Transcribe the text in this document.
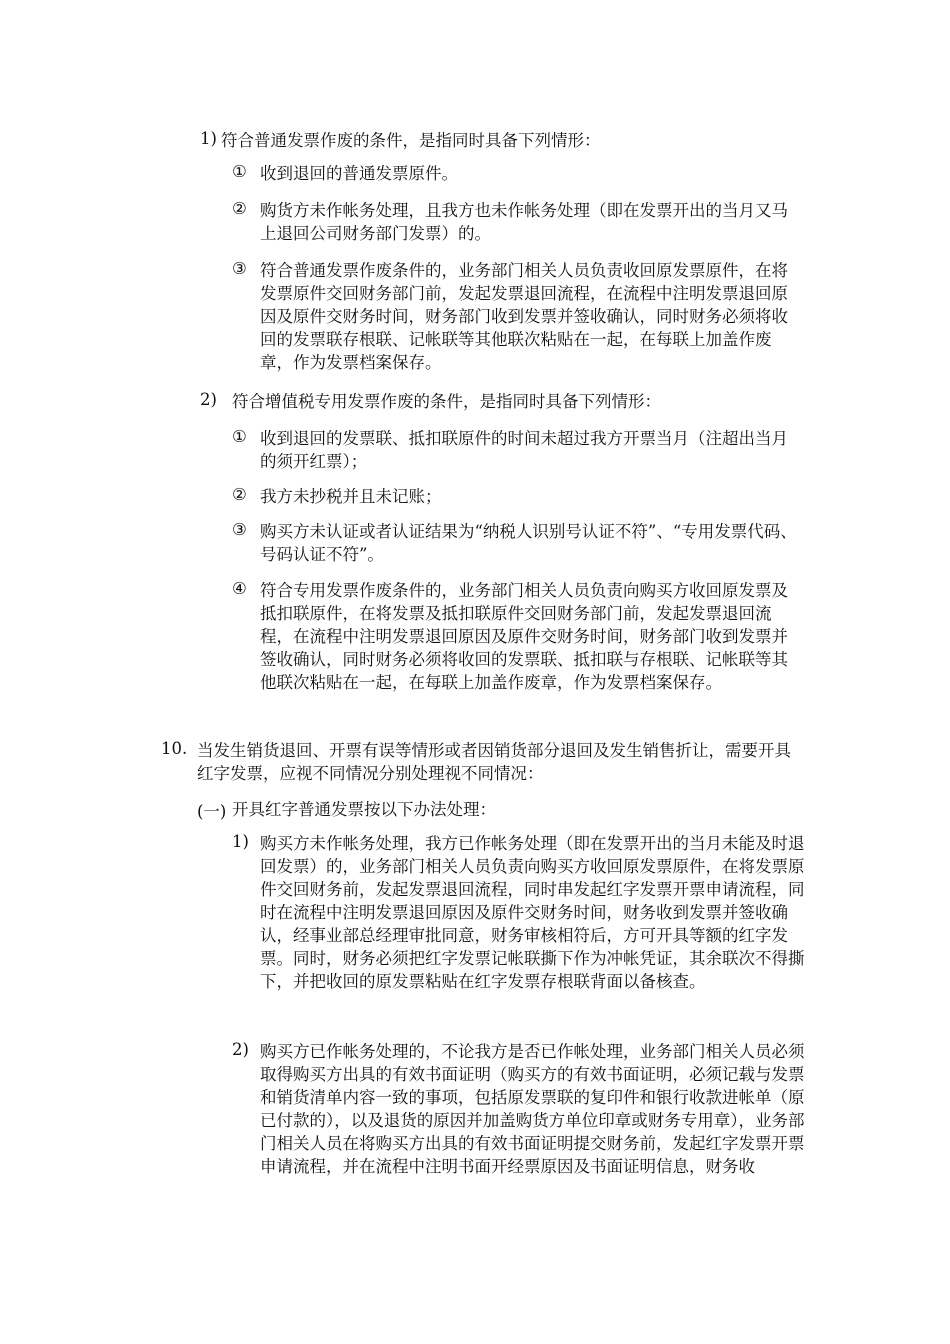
1) 符合普通发票作废的条件，是指同时具备下列情形：
① 收到退回的普通发票原件。
② 购货方未作帐务处理，且我方也未作帐务处理（即在发票开出的当月又马上退回公司财务部门发票）的。
③ 符合普通发票作废条件的，业务部门相关人员负责收回原发票原件，在将发票原件交回财务部门前，发起发票退回流程，在流程中注明发票退回原因及原件交财务时间，财务部门收到发票并签收确认，同时财务必须将收回的发票联存根联、记帐联等其他联次粘贴在一起，在每联上加盖作废章，作为发票档案保存。
2) 符合增值税专用发票作废的条件，是指同时具备下列情形：
① 收到退回的发票联、抵扣联原件的时间未超过我方开票当月（注超出当月的须开红票）；
② 我方未抄税并且未记账；
③ 购买方未认证或者认证结果为“纳税人识别号认证不符”、“专用发票代码、号码认证不符”。
④ 符合专用发票作废条件的，业务部门相关人员负责向购买方收回原发票及抵扣联原件，在将发票及抵扣联原件交回财务部门前，发起发票退回流程，在流程中注明发票退回原因及原件交财务时间，财务部门收到发票并签收确认，同时财务必须将收回的发票联、抵扣联与存根联、记帐联等其他联次粘贴在一起，在每联上加盖作废章，作为发票档案保存。
10. 当发生销货退回、开票有误等情形或者因销货部分退回及发生销售折让，需要开具红字发票，应视不同情况分别处理视不同情况：
(一) 开具红字普通发票按以下办法处理：
1) 购买方未作帐务处理，我方已作帐务处理（即在发票开出的当月未能及时退回发票）的，业务部门相关人员负责向购买方收回原发票原件，在将发票原件交回财务前，发起发票退回流程，同时串发起红字发票开票申请流程，同时在流程中注明发票退回原因及原件交财务时间，财务收到发票并签收确认，经事业部总经理审批同意，财务审核相符后，方可开具等额的红字发票。同时，财务必须把红字发票记帐联撕下作为冲帐凭证，其余联次不得撕下，并把收回的原发票粘贴在红字发票存根联背面以备核查。
2) 购买方已作帐务处理的，不论我方是否已作帐处理，业务部门相关人员必须取得购买方出具的有效书面证明（购买方的有效书面证明，必须记载与发票和销货清单内容一致的事项，包括原发票联的复印件和银行收款进帐单（原已付款的），以及退货的原因并加盖购货方单位印章或财务专用章），业务部门相关人员在将购买方出具的有效书面证明提交财务前，发起红字发票开票申请流程，并在流程中注明书面开经票原因及书面证明信息，财务收
